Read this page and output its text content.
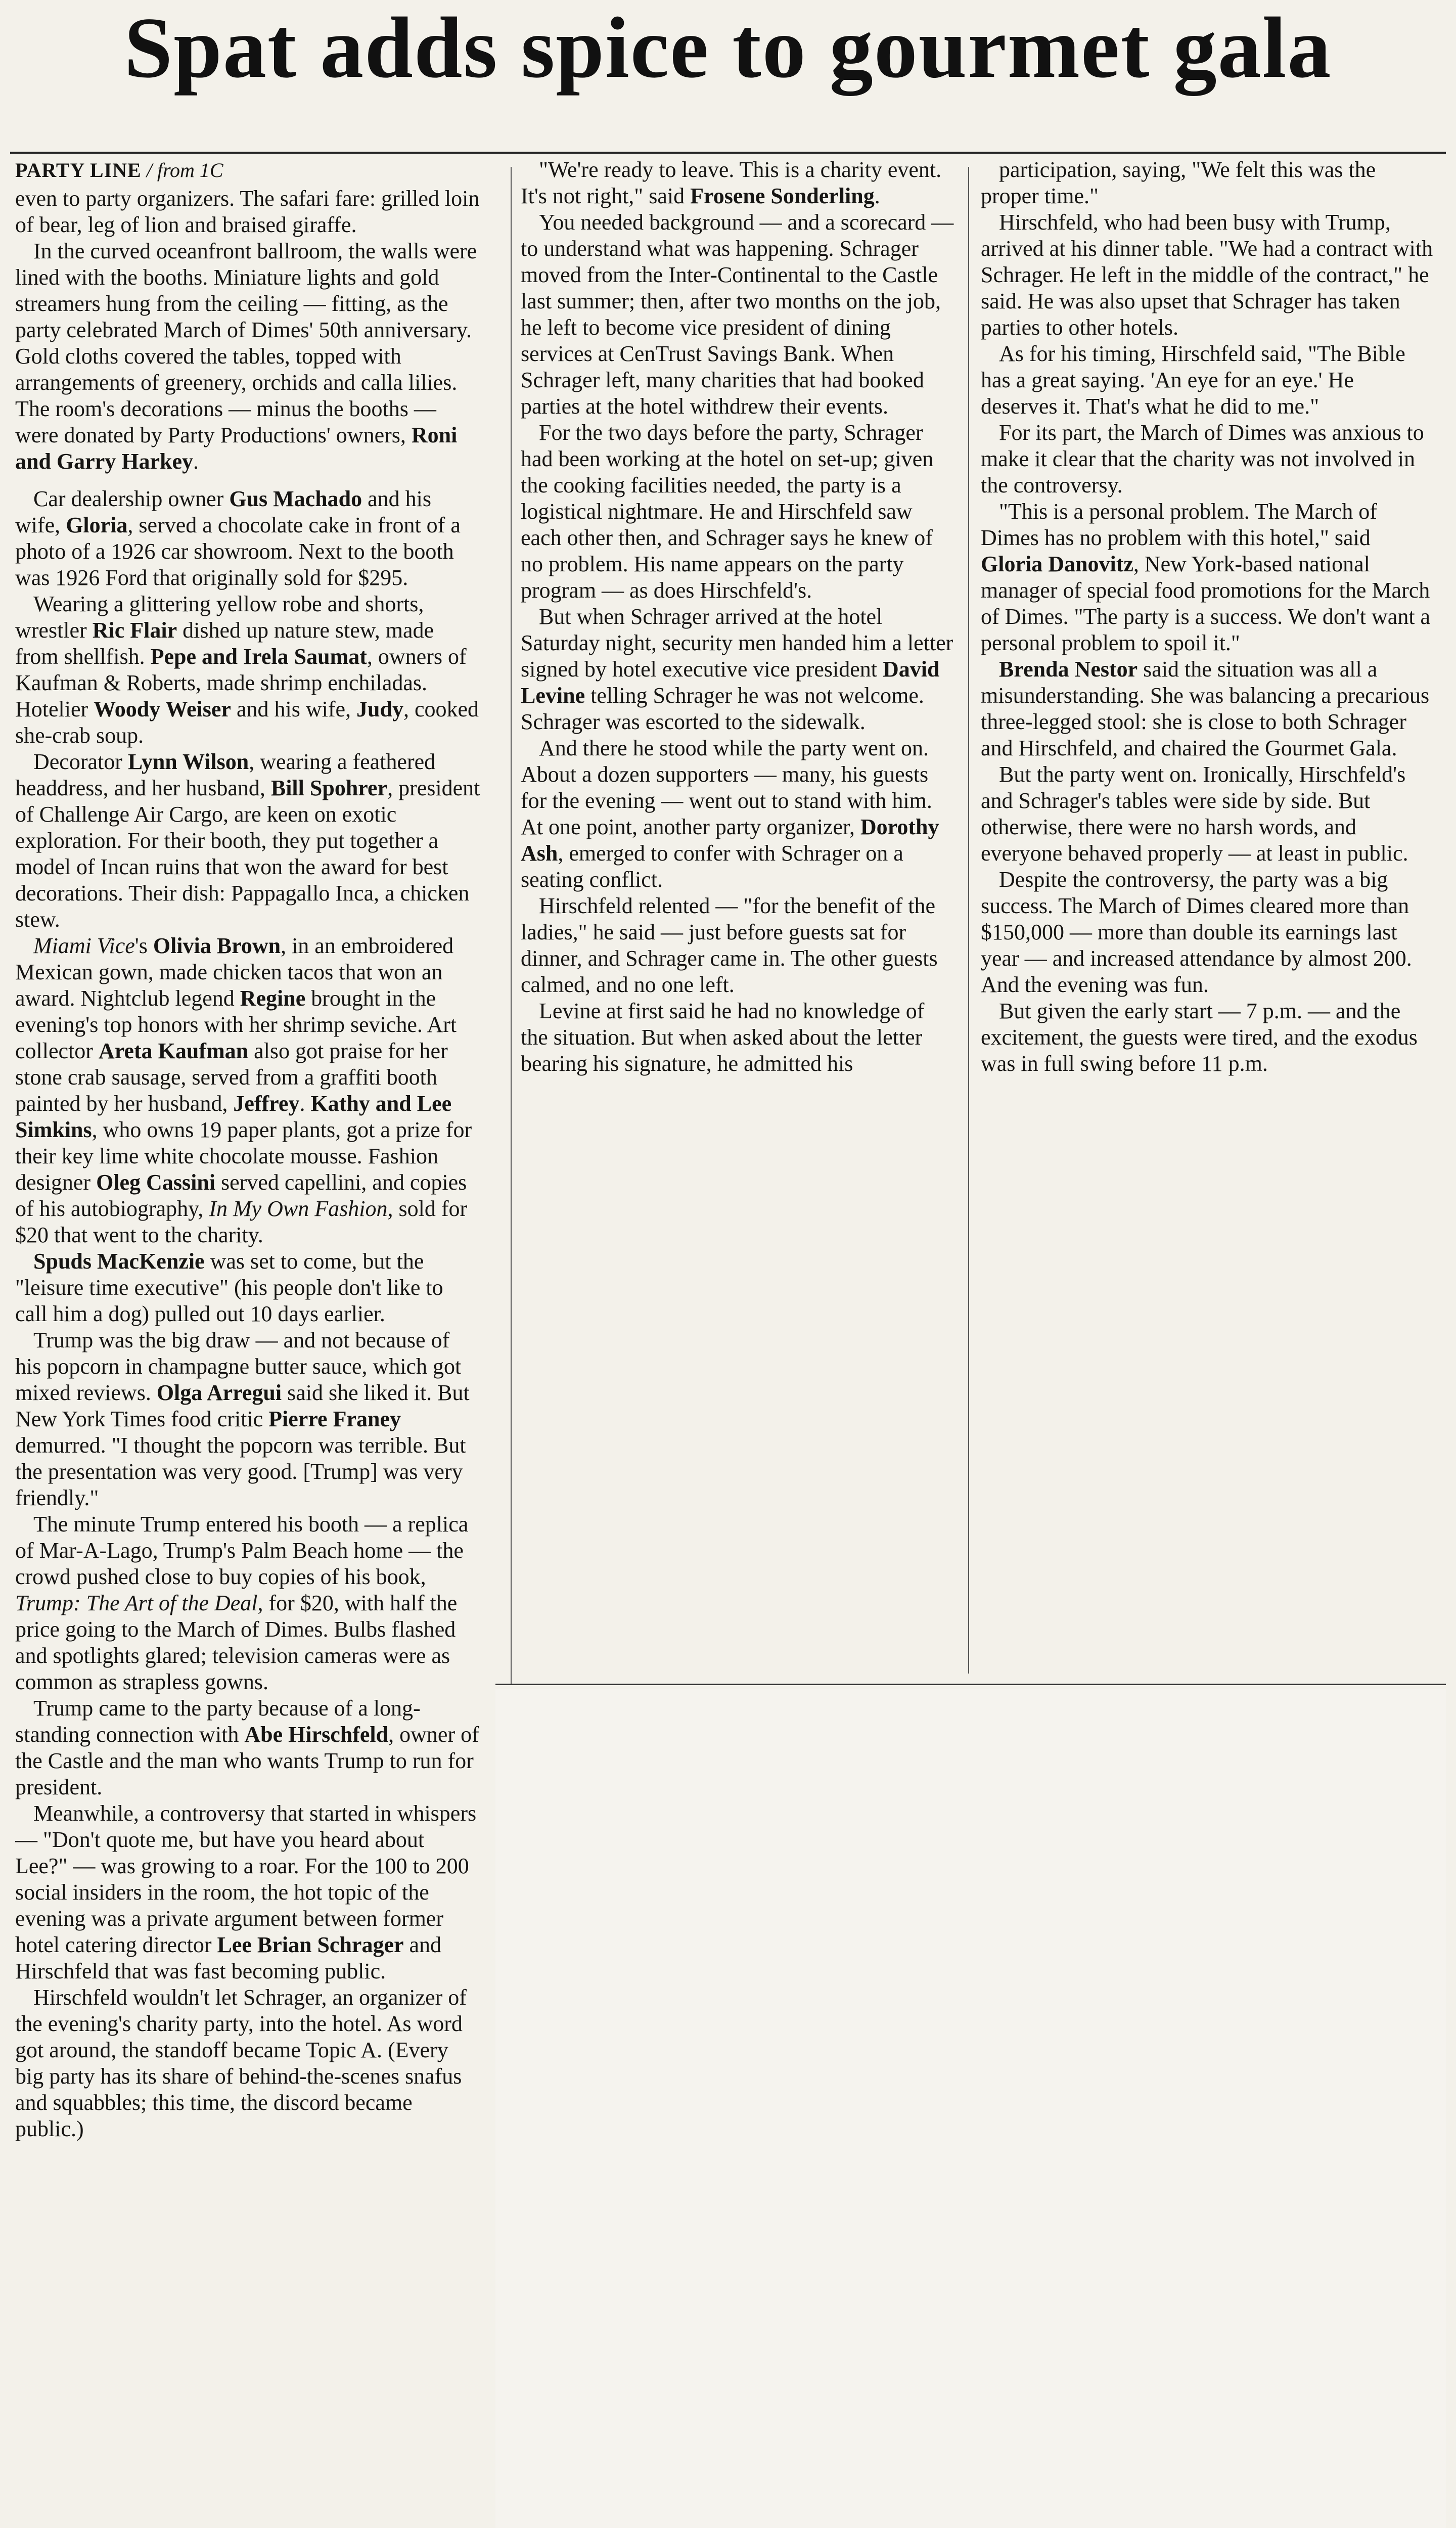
Spat adds spice to gourmet gala

PARTY LINE / from 1C

even to party organizers. The safari fare: grilled loin of bear, leg of lion and braised giraffe.

In the curved oceanfront ballroom, the walls were lined with the booths. Miniature lights and gold streamers hung from the ceiling — fitting, as the party celebrated March of Dimes' 50th anniversary. Gold cloths covered the tables, topped with arrangements of greenery, orchids and calla lilies. The room's decorations — minus the booths — were donated by Party Productions' owners, Roni and Garry Harkey.

Car dealership owner Gus Machado and his wife, Gloria, served a chocolate cake in front of a photo of a 1926 car showroom. Next to the booth was 1926 Ford that originally sold for $295.

Wearing a glittering yellow robe and shorts, wrestler Ric Flair dished up nature stew, made from shellfish. Pepe and Irela Saumat, owners of Kaufman & Roberts, made shrimp enchiladas. Hotelier Woody Weiser and his wife, Judy, cooked she-crab soup.

Decorator Lynn Wilson, wearing a feathered headdress, and her husband, Bill Spohrer, president of Challenge Air Cargo, are keen on exotic exploration. For their booth, they put together a model of Incan ruins that won the award for best decorations. Their dish: Pappagallo Inca, a chicken stew.

Miami Vice's Olivia Brown, in an embroidered Mexican gown, made chicken tacos that won an award. Nightclub legend Regine brought in the evening's top honors with her shrimp seviche. Art collector Areta Kaufman also got praise for her stone crab sausage, served from a graffiti booth painted by her husband, Jeffrey. Kathy and Lee Simkins, who owns 19 paper plants, got a prize for their key lime white chocolate mousse. Fashion designer Oleg Cassini served capellini, and copies of his autobiography, In My Own Fashion, sold for $20 that went to the charity.

Spuds MacKenzie was set to come, but the "leisure time executive" (his people don't like to call him a dog) pulled out 10 days earlier.

Trump was the big draw — and not because of his popcorn in champagne butter sauce, which got mixed reviews. Olga Arregui said she liked it. But New York Times food critic Pierre Franey demurred. "I thought the popcorn was terrible. But the presentation was very good. [Trump] was very friendly."

The minute Trump entered his booth — a replica of Mar-A-Lago, Trump's Palm Beach home — the crowd pushed close to buy copies of his book, Trump: The Art of the Deal, for $20, with half the price going to the March of Dimes. Bulbs flashed and spotlights glared; television cameras were as common as strapless gowns.

Trump came to the party because of a long-standing connection with Abe Hirschfeld, owner of the Castle and the man who wants Trump to run for president.

Meanwhile, a controversy that started in whispers — "Don't quote me, but have you heard about Lee?" — was growing to a roar. For the 100 to 200 social insiders in the room, the hot topic of the evening was a private argument between former hotel catering director Lee Brian Schrager and Hirschfeld that was fast becoming public.

Hirschfeld wouldn't let Schrager, an organizer of the evening's charity party, into the hotel. As word got around, the standoff became Topic A. (Every big party has its share of behind-the-scenes snafus and squabbles; this time, the discord became public.)

"We're ready to leave. This is a charity event. It's not right," said Frosene Sonderling.

You needed background — and a scorecard — to understand what was happening. Schrager moved from the Inter-Continental to the Castle last summer; then, after two months on the job, he left to become vice president of dining services at CenTrust Savings Bank. When Schrager left, many charities that had booked parties at the hotel withdrew their events.

For the two days before the party, Schrager had been working at the hotel on set-up; given the cooking facilities needed, the party is a logistical nightmare. He and Hirschfeld saw each other then, and Schrager says he knew of no problem. His name appears on the party program — as does Hirschfeld's.

But when Schrager arrived at the hotel Saturday night, security men handed him a letter signed by hotel executive vice president David Levine telling Schrager he was not welcome. Schrager was escorted to the sidewalk.

And there he stood while the party went on. About a dozen supporters — many, his guests for the evening — went out to stand with him. At one point, another party organizer, Dorothy Ash, emerged to confer with Schrager on a seating conflict.

Hirschfeld relented — "for the benefit of the ladies," he said — just before guests sat for dinner, and Schrager came in. The other guests calmed, and no one left.

Levine at first said he had no knowledge of the situation. But when asked about the letter bearing his signature, he admitted his

participation, saying, "We felt this was the proper time."

Hirschfeld, who had been busy with Trump, arrived at his dinner table. "We had a contract with Schrager. He left in the middle of the contract," he said. He was also upset that Schrager has taken parties to other hotels.

As for his timing, Hirschfeld said, "The Bible has a great saying. 'An eye for an eye.' He deserves it. That's what he did to me."

For its part, the March of Dimes was anxious to make it clear that the charity was not involved in the controversy.

"This is a personal problem. The March of Dimes has no problem with this hotel," said Gloria Danovitz, New York-based national manager of special food promotions for the March of Dimes. "The party is a success. We don't want a personal problem to spoil it."

Brenda Nestor said the situation was all a misunderstanding. She was balancing a precarious three-legged stool: she is close to both Schrager and Hirschfeld, and chaired the Gourmet Gala.

But the party went on. Ironically, Hirschfeld's and Schrager's tables were side by side. But otherwise, there were no harsh words, and everyone behaved properly — at least in public.

Despite the controversy, the party was a big success. The March of Dimes cleared more than $150,000 — more than double its earnings last year — and increased attendance by almost 200. And the evening was fun.

But given the early start — 7 p.m. — and the excitement, the guests were tired, and the exodus was in full swing before 11 p.m.
